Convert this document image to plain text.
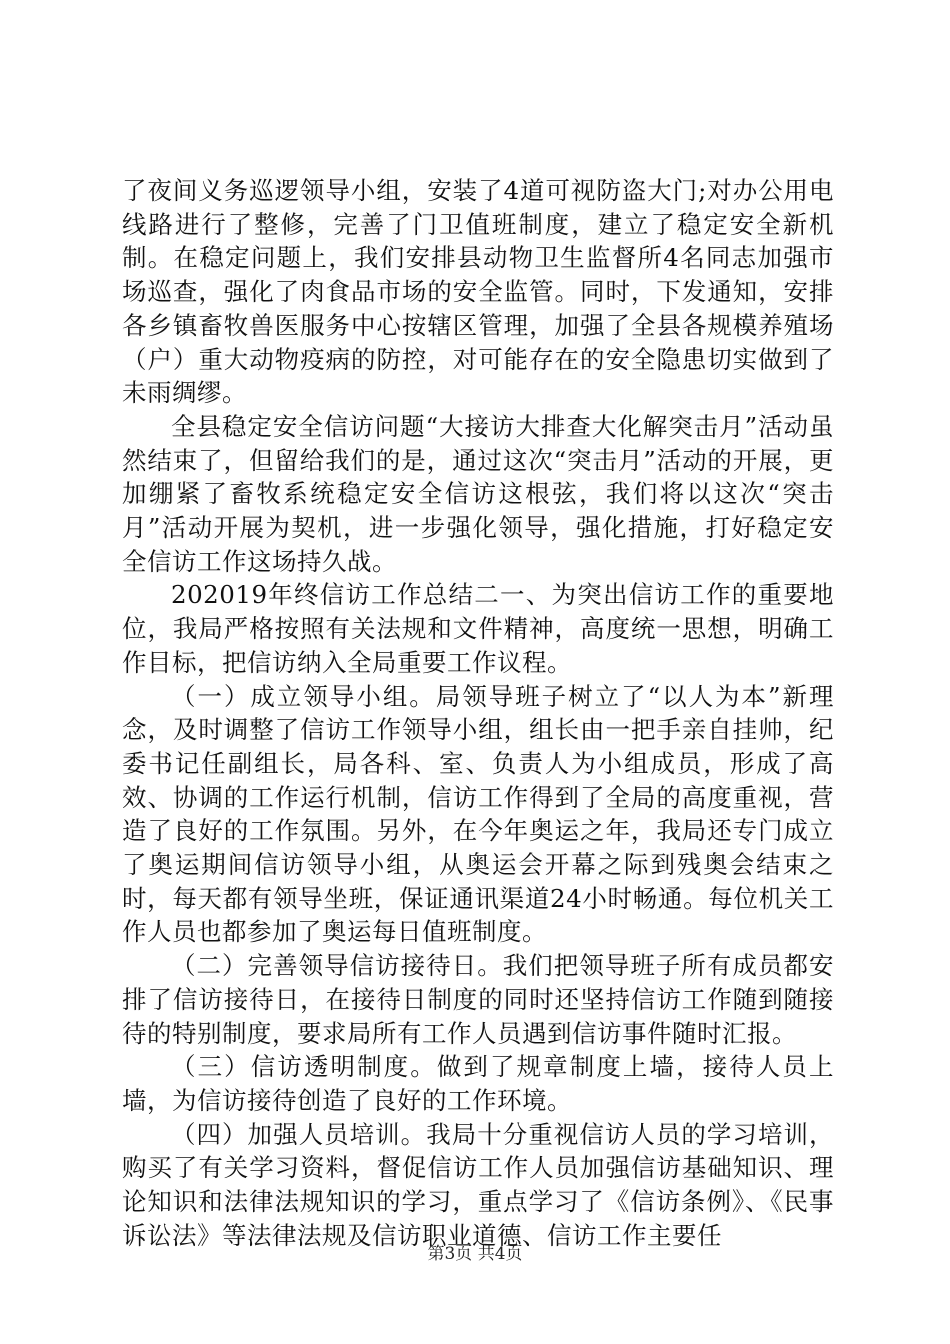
了夜间义务巡逻领导小组，安装了4道可视防盗大门;对办公用电线路进行了整修，完善了门卫值班制度，建立了稳定安全新机制。在稳定问题上，我们安排县动物卫生监督所4名同志加强市场巡查，强化了肉食品市场的安全监管。同时，下发通知，安排各乡镇畜牧兽医服务中心按辖区管理，加强了全县各规模养殖场（户）重大动物疫病的防控，对可能存在的安全隐患切实做到了未雨绸缪。

全县稳定安全信访问题“大接访大排查大化解突击月”活动虽然结束了，但留给我们的是，通过这次“突击月”活动的开展，更加绷紧了畜牧系统稳定安全信访这根弦，我们将以这次“突击月”活动开展为契机，进一步强化领导，强化措施，打好稳定安全信访工作这场持久战。

202019年终信访工作总结二一、为突出信访工作的重要地位，我局严格按照有关法规和文件精神，高度统一思想，明确工作目标，把信访纳入全局重要工作议程。

（一）成立领导小组。局领导班子树立了“以人为本”新理念，及时调整了信访工作领导小组，组长由一把手亲自挂帅，纪委书记任副组长，局各科、室、负责人为小组成员，形成了高效、协调的工作运行机制，信访工作得到了全局的高度重视，营造了良好的工作氛围。另外，在今年奥运之年，我局还专门成立了奥运期间信访领导小组，从奥运会开幕之际到残奥会结束之时，每天都有领导坐班，保证通讯渠道24小时畅通。每位机关工作人员也都参加了奥运每日值班制度。

（二）完善领导信访接待日。我们把领导班子所有成员都安排了信访接待日，在接待日制度的同时还坚持信访工作随到随接待的特别制度，要求局所有工作人员遇到信访事件随时汇报。

（三）信访透明制度。做到了规章制度上墙，接待人员上墙，为信访接待创造了良好的工作环境。

（四）加强人员培训。我局十分重视信访人员的学习培训，购买了有关学习资料，督促信访工作人员加强信访基础知识、理论知识和法律法规知识的学习，重点学习了《信访条例》、《民事诉讼法》等法律法规及信访职业道德、信访工作主要任

第3页 共4页
